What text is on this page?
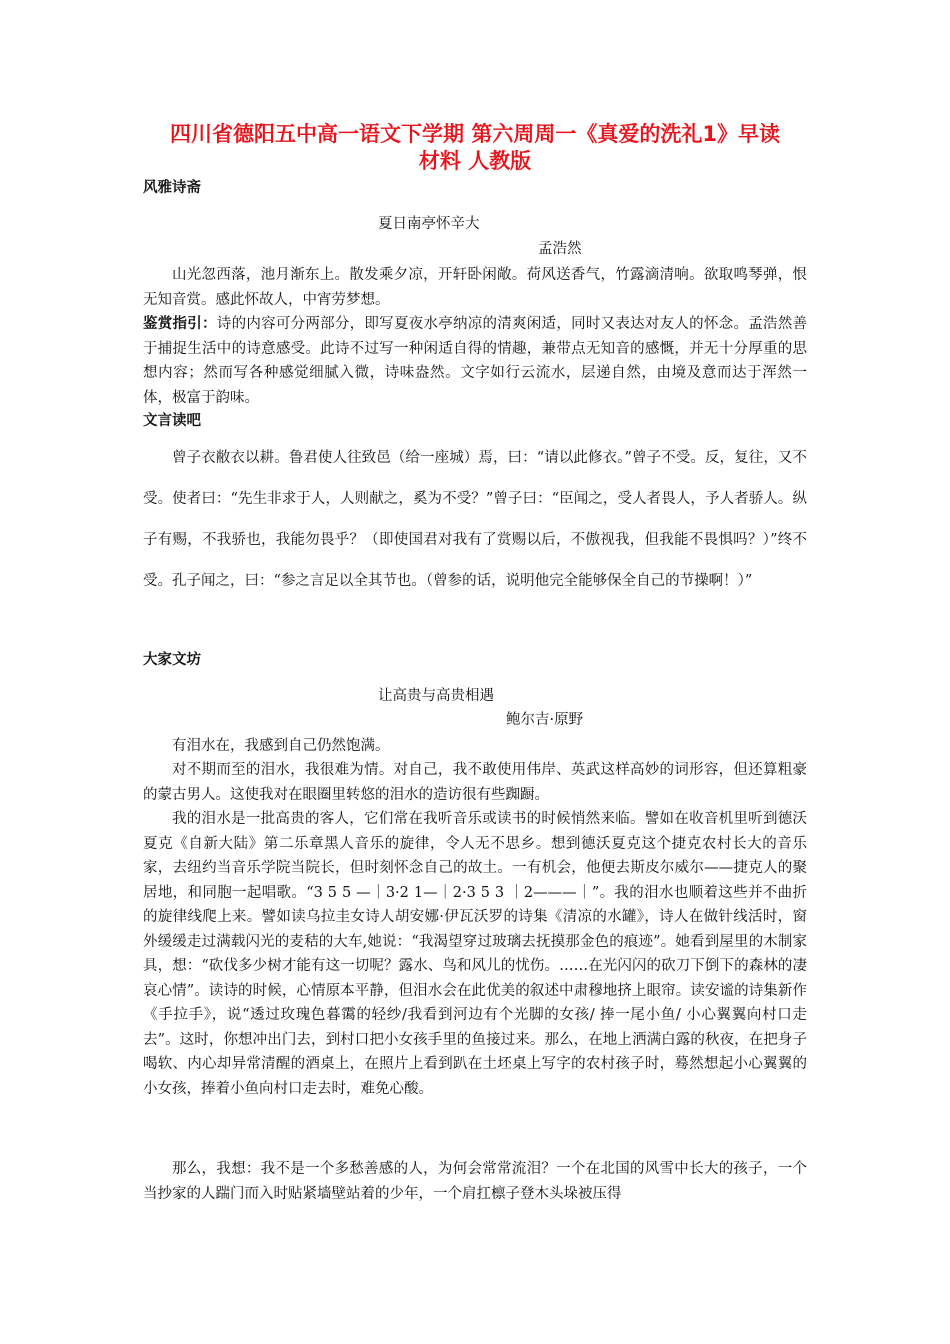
四川省德阳五中高一语文下学期 第六周周一《真爱的洗礼1》早读
材料 人教版
风雅诗斋
夏日南亭怀辛大
孟浩然

山光忽西落，池月渐东上。散发乘夕凉，开轩卧闲敞。荷风送香气，竹露滴清响。欲取鸣琴弹，恨无知音赏。感此怀故人，中宵劳梦想。

鉴赏指引：诗的内容可分两部分，即写夏夜水亭纳凉的清爽闲适，同时又表达对友人的怀念。孟浩然善于捕捉生活中的诗意感受。此诗不过写一种闲适自得的情趣，兼带点无知音的感慨，并无十分厚重的思想内容；然而写各种感觉细腻入微，诗味盎然。文字如行云流水，层递自然，由境及意而达于浑然一体，极富于韵味。

文言读吧

曾子衣敝衣以耕。鲁君使人往致邑（给一座城）焉，曰：“请以此修衣。”曾子不受。反，复往，又不受。使者曰：“先生非求于人，人则献之，奚为不受？”曾子曰：“臣闻之，受人者畏人，予人者骄人。纵子有赐，不我骄也，我能勿畏乎？（即使国君对我有了赏赐以后，不傲视我，但我能不畏惧吗？）”终不受。孔子闻之，曰：“参之言足以全其节也。（曾参的话，说明他完全能够保全自己的节操啊！）”

大家文坊
让高贵与高贵相遇
鲍尔吉·原野

有泪水在，我感到自己仍然饱满。

对不期而至的泪水，我很难为情。对自己，我不敢使用伟岸、英武这样高妙的词形容，但还算粗豪的蒙古男人。这使我对在眼圈里转悠的泪水的造访很有些踟蹰。

我的泪水是一批高贵的客人，它们常在我听音乐或读书的时候悄然来临。譬如在收音机里听到德沃夏克《自新大陆》第二乐章黑人音乐的旋律，令人无不思乡。想到德沃夏克这个捷克农村长大的音乐家，去纽约当音乐学院当院长，但时刻怀念自己的故土。一有机会，他便去斯皮尔威尔——捷克人的聚居地，和同胞一起唱歌。“3 5 5 —｜3·2 1—｜2·3 5 3 ｜2———｜”。我的泪水也顺着这些并不曲折的旋律线爬上来。譬如读乌拉圭女诗人胡安娜·伊瓦沃罗的诗集《清凉的水罐》，诗人在做针线活时，窗外缓缓走过满载闪光的麦秸的大车,她说：“我渴望穿过玻璃去抚摸那金色的痕迹”。她看到屋里的木制家具，想：“砍伐多少树才能有这一切呢？露水、鸟和风儿的忧伤。……在光闪闪的砍刀下倒下的森林的凄哀心情”。读诗的时候，心情原本平静，但泪水会在此优美的叙述中肃穆地挤上眼帘。读安谧的诗集新作《手拉手》，说“透过玫瑰色暮霭的轻纱/我看到河边有个光脚的女孩/ 捧一尾小鱼/ 小心翼翼向村口走去”。这时，你想冲出门去，到村口把小女孩手里的鱼接过来。那么，在地上洒满白露的秋夜，在把身子喝软、内心却异常清醒的酒桌上，在照片上看到趴在土坯桌上写字的农村孩子时，蓦然想起小心翼翼的小女孩，捧着小鱼向村口走去时，难免心酸。

那么，我想：我不是一个多愁善感的人，为何会常常流泪？一个在北国的风雪中长大的孩子，一个当抄家的人踹门而入时贴紧墙壁站着的少年，一个肩扛檩子登木头垛被压得
